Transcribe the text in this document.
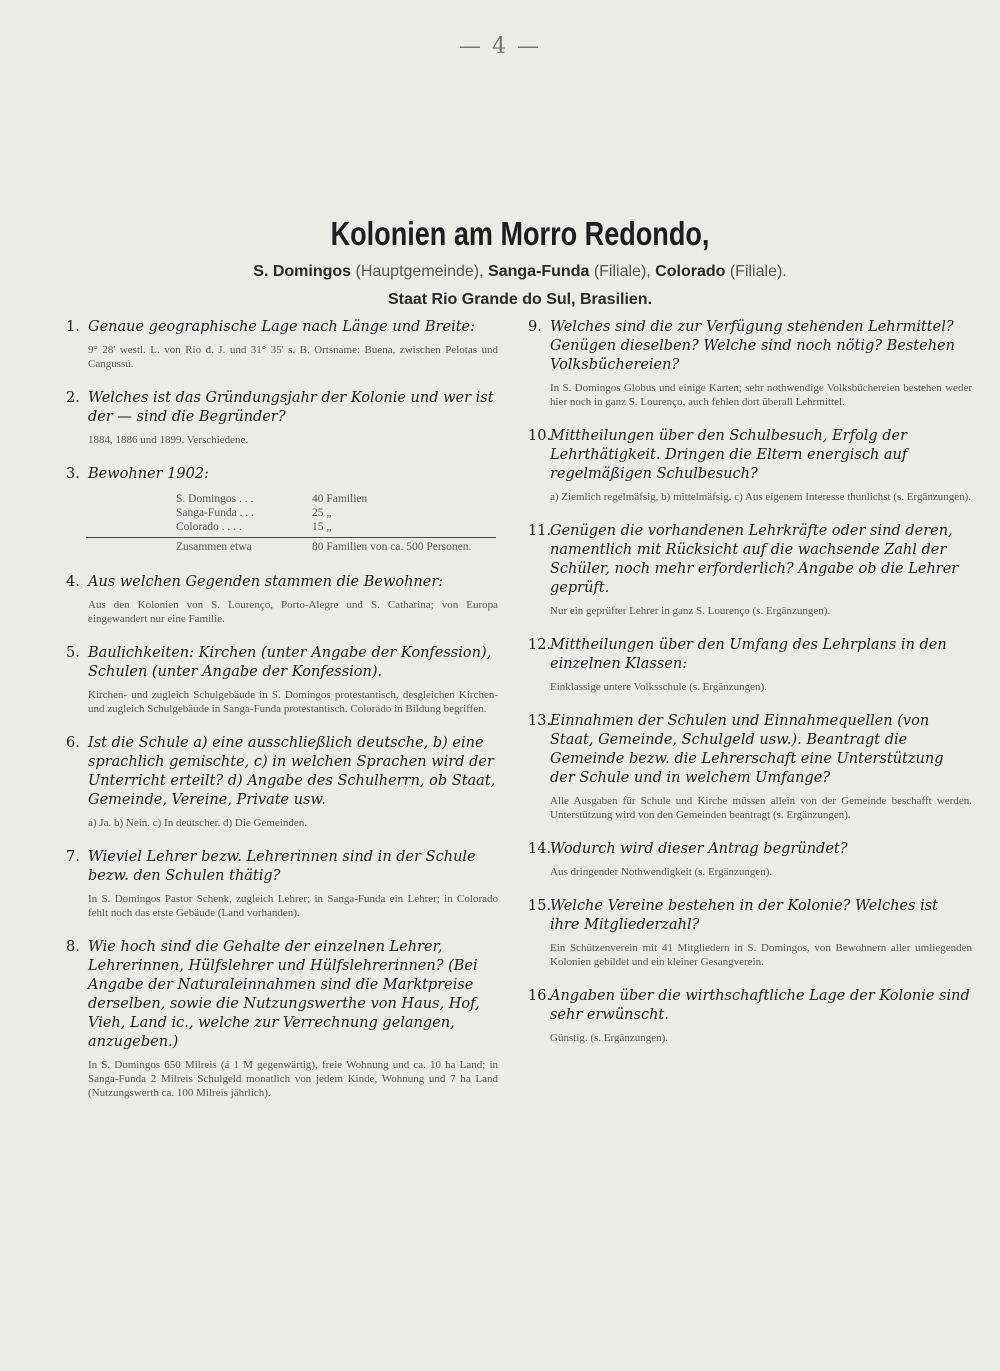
— 4 —
Kolonien am Morro Redondo,
S. Domingos (Hauptgemeinde), Sanga-Funda (Filiale), Colorado (Filiale).
Staat Rio Grande do Sul, Brasilien.
1. Genaue geographische Lage nach Länge und Breite:
9° 28' westl. L. von Rio d. J. und 31° 35' s. B. Ortsname: Buena, zwischen Pelotas und Cangussú.
2. Welches ist das Gründungsjahr der Kolonie und wer ist der — sind die Begründer?
1884, 1886 und 1899. Verschiedene.
3. Bewohner 1902:
S. Domingos . . .	40 Familien
Sanga-Funda . . .	25 „
Colorado . . . .	15 „
Zusammen etwa	80 Familien von ca. 500 Personen.
4. Aus welchen Gegenden stammen die Bewohner:
Aus den Kolonien von S. Lourenço, Porto-Alegre und S. Catharina; von Europa eingewandert nur eine Familie.
5. Baulichkeiten: Kirchen (unter Angabe der Konfession), Schulen (unter Angabe der Konfession).
Kirchen- und zugleich Schulgebäude in S. Domingos protestantisch, desgleichen Kirchen- und zugleich Schulgebäude in Sanga-Funda protestantisch. Colorado in Bildung begriffen.
6. Ist die Schule a) eine ausschließlich deutsche, b) eine sprachlich gemischte, c) in welchen Sprachen wird der Unterricht erteilt? d) Angabe des Schulherrn, ob Staat, Gemeinde, Vereine, Private usw.
a) Ja. b) Nein. c) In deutscher. d) Die Gemeinden.
7. Wieviel Lehrer bezw. Lehrerinnen sind in der Schule bezw. den Schulen thätig?
In S. Domingos Pastor Schenk, zugleich Lehrer; in Sanga-Funda ein Lehrer; in Colorado fehlt noch das erste Gebäude (Land vorhanden).
8. Wie hoch sind die Gehalte der einzelnen Lehrer, Lehrerinnen, Hülfslehrer und Hülfslehrerinnen? (Bei Angabe der Naturaleinnahmen sind die Marktpreise derselben, sowie die Nutzungswerthe von Haus, Hof, Vieh, Land ic., welche zur Verrechnung gelangen, anzugeben.)
In S. Domingos 650 Milreis (á 1 M gegenwärtig), freie Wohnung und ca. 10 ha Land; in Sanga-Funda 2 Milreis Schulgeld monatlich von jedem Kinde, Wohnung und 7 ha Land (Nutzungswerth ca. 100 Milreis jährlich).
9. Welches sind die zur Verfügung stehenden Lehrmittel? Genügen dieselben? Welche sind noch nötig? Bestehen Volksbüchereien?
In S. Domingos Globus und einige Karten; sehr nothwendige Volksbüchereien bestehen weder hier noch in ganz S. Lourenço, auch fehlen dort überall Lehrmittel.
10.Mittheilungen über den Schulbesuch, Erfolg der Lehrthätigkeit. Dringen die Eltern energisch auf regelmäßigen Schulbesuch?
a) Ziemlich regelmäfsig, b) mittelmäfsig. c) Aus eigenem Interesse thunlichst (s. Ergänzungen).
11.Genügen die vorhandenen Lehrkräfte oder sind deren, namentlich mit Rücksicht auf die wachsende Zahl der Schüler, noch mehr erforderlich? Angabe ob die Lehrer geprüft.
Nur ein geprüfter Lehrer in ganz S. Lourenço (s. Ergänzungen).
12.Mittheilungen über den Umfang des Lehrplans in den einzelnen Klassen:
Einklassige untere Volksschule (s. Ergänzungen).
13.Einnahmen der Schulen und Einnahmequellen (von Staat, Gemeinde, Schulgeld usw.). Beantragt die Gemeinde bezw. die Lehrerschaft eine Unterstützung der Schule und in welchem Umfange?
Alle Ausgaben für Schule und Kirche müssen allein von der Gemeinde beschafft werden. Unterstützung wird von den Gemeinden beantragt (s. Ergänzungen).
14.Wodurch wird dieser Antrag begründet?
Aus dringender Nothwendigkeit (s. Ergänzungen).
15.Welche Vereine bestehen in der Kolonie? Welches ist ihre Mitgliederzahl?
Ein Schützenverein mit 41 Mitgliedern in S. Domingos, von Bewohnern aller umliegenden Kolonien gebildet und ein kleiner Gesangverein.
16.Angaben über die wirthschaftliche Lage der Kolonie sind sehr erwünscht.
Günstig. (s. Ergänzungen).
